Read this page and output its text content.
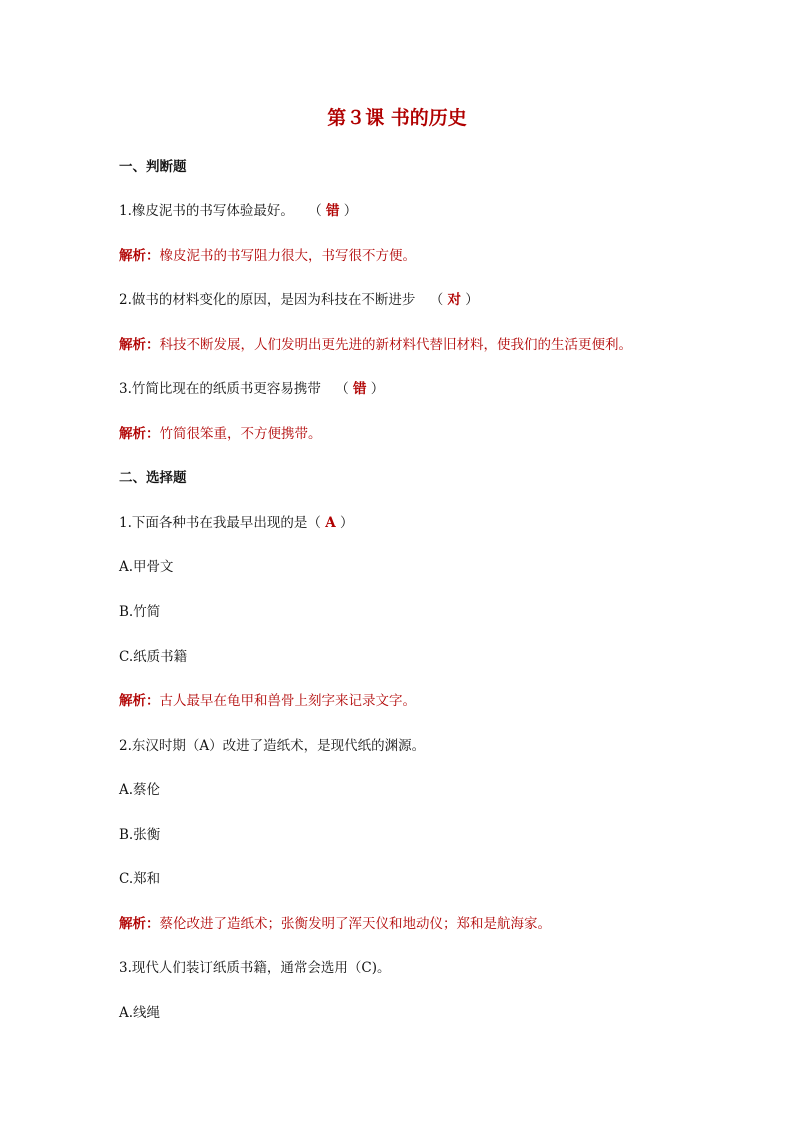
第３课 书的历史
一、判断题
1.橡皮泥书的书写体验最好。 （ 错 ）
解析：橡皮泥书的书写阻力很大，书写很不方便。
2.做书的材料变化的原因，是因为科技在不断进步 （ 对 ）
解析：科技不断发展，人们发明出更先进的新材料代替旧材料，使我们的生活更便利。
3.竹简比现在的纸质书更容易携带 （ 错 ）
解析：竹简很笨重，不方便携带。
二、选择题
1.下面各种书在我最早出现的是（ A ）
A.甲骨文
B.竹简
C.纸质书籍
解析：古人最早在龟甲和兽骨上刻字来记录文字。
2.东汉时期（A）改进了造纸术，是现代纸的渊源。
A.蔡伦
B.张衡
C.郑和
解析：蔡伦改进了造纸术；张衡发明了浑天仪和地动仪；郑和是航海家。
3.现代人们装订纸质书籍，通常会选用（C)。
A.线绳
